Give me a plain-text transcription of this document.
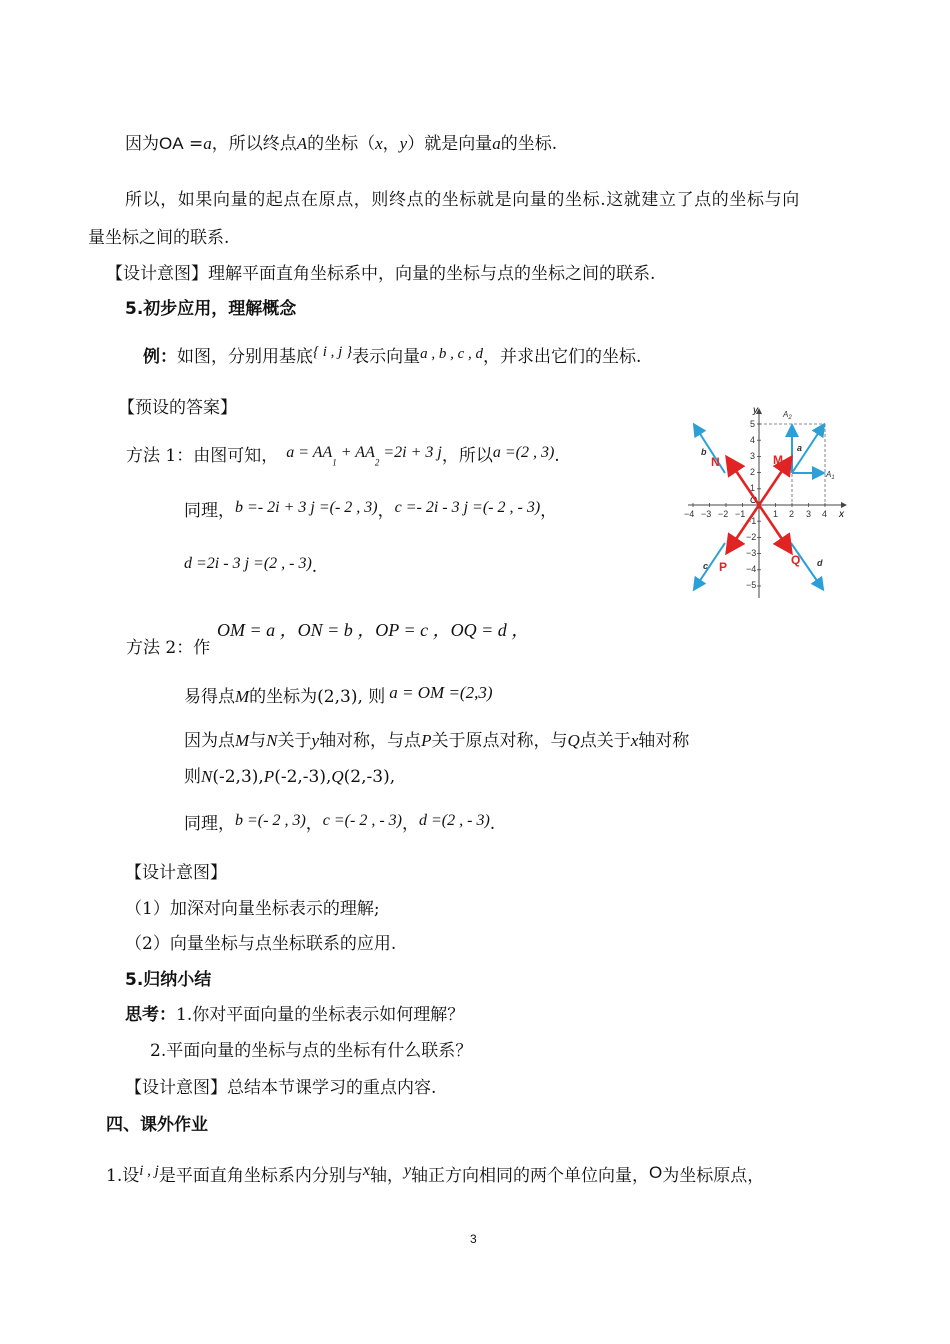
因为OA =a，所以终点A的坐标（x，y）就是向量a的坐标.
所以，如果向量的起点在原点，则终点的坐标就是向量的坐标.这就建立了点的坐标与向
量坐标之间的联系.
【设计意图】理解平面直角坐标系中，向量的坐标与点的坐标之间的联系.
5.初步应用，理解概念
例：如图，分别用基底{ i , j }表示向量a , b , c , d，并求出它们的坐标.
【预设的答案】
方法 1：由图可知， $a = AA_1 + AA_2 =2i + 3$ j，所以a =(2 , 3).
同理，b =- 2i + 3 j =(- 2 , 3)，c =- 2i - 3 j =(- 2 , - 3)，
d =2i - 3 j =(2 , - 3).
OM = a ，ON = b ，OP = c ，OQ = d ，
方法 2：作
易得点M的坐标为(2,3), 则 a = OM =(2,3)
因为点M与N关于y轴对称，与点P关于原点对称，与Q点关于x轴对称
则N(-2,3),P(-2,-3),Q(2,-3),
同理，b =(- 2 , 3)，c =(- 2 , - 3)，d =(2 , - 3).
【设计意图】
（1）加深对向量坐标表示的理解;
（2）向量坐标与点坐标联系的应用.
5.归纳小结
思考：1.你对平面向量的坐标表示如何理解？
2.平面向量的坐标与点的坐标有什么联系？
【设计意图】总结本节课学习的重点内容.
四、课外作业
1.设i , j是平面直角坐标系内分别与x轴，y轴正方向相同的两个单位向量，O为坐标原点，
3
x
y
O
−4 −3 −2 −1	1 2 3 4
5
4
3
2
1
−1
−2
−3
−4
−5
$A_2$
$A_1$
a
b
c	d
M
N
P	Q
